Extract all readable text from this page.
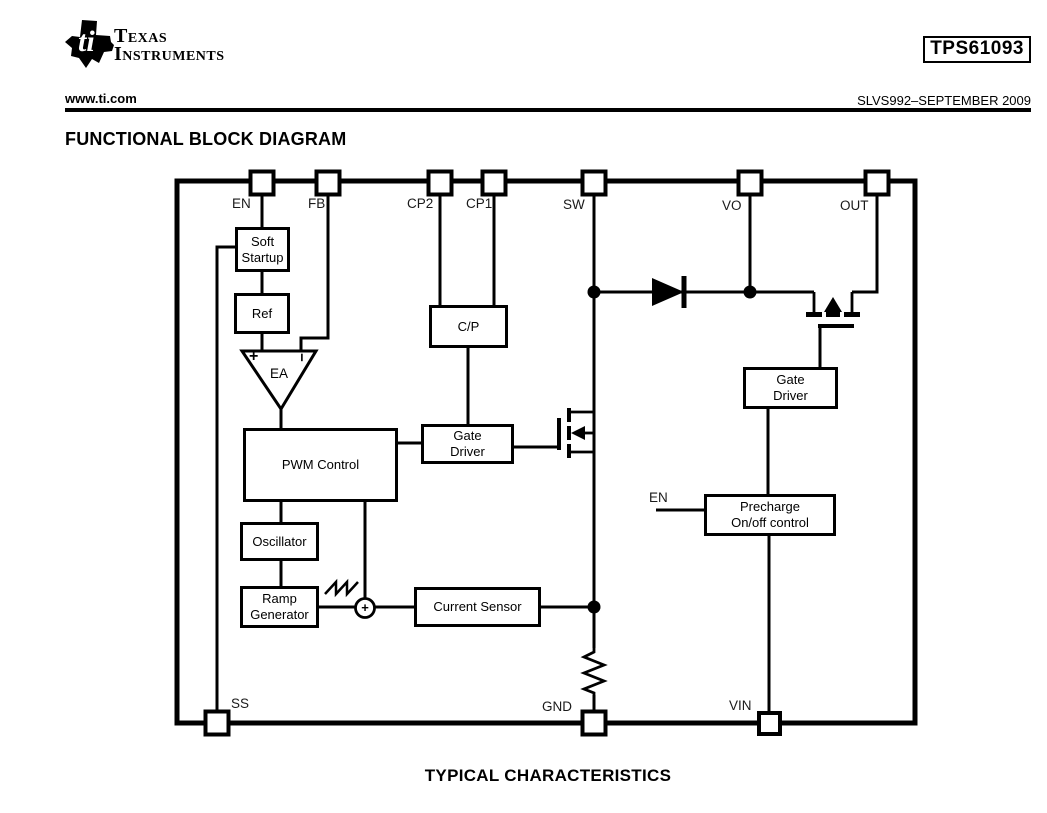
ti Texas
Instruments	TPS61093
www.ti.com	SLVS992–SEPTEMBER 2009
FUNCTIONAL BLOCK DIAGRAM
Soft
Startup
Ref
PWM Control
Oscillator
Ramp
Generator
C/P
Gate
Driver
Current Sensor
Gate
Driver
Precharge
On/off control
EA
+ −
+
EN	FB	CP2 CP1	SW	VO	OUT
SS	GND	VIN
EN
TYPICAL CHARACTERISTICS
